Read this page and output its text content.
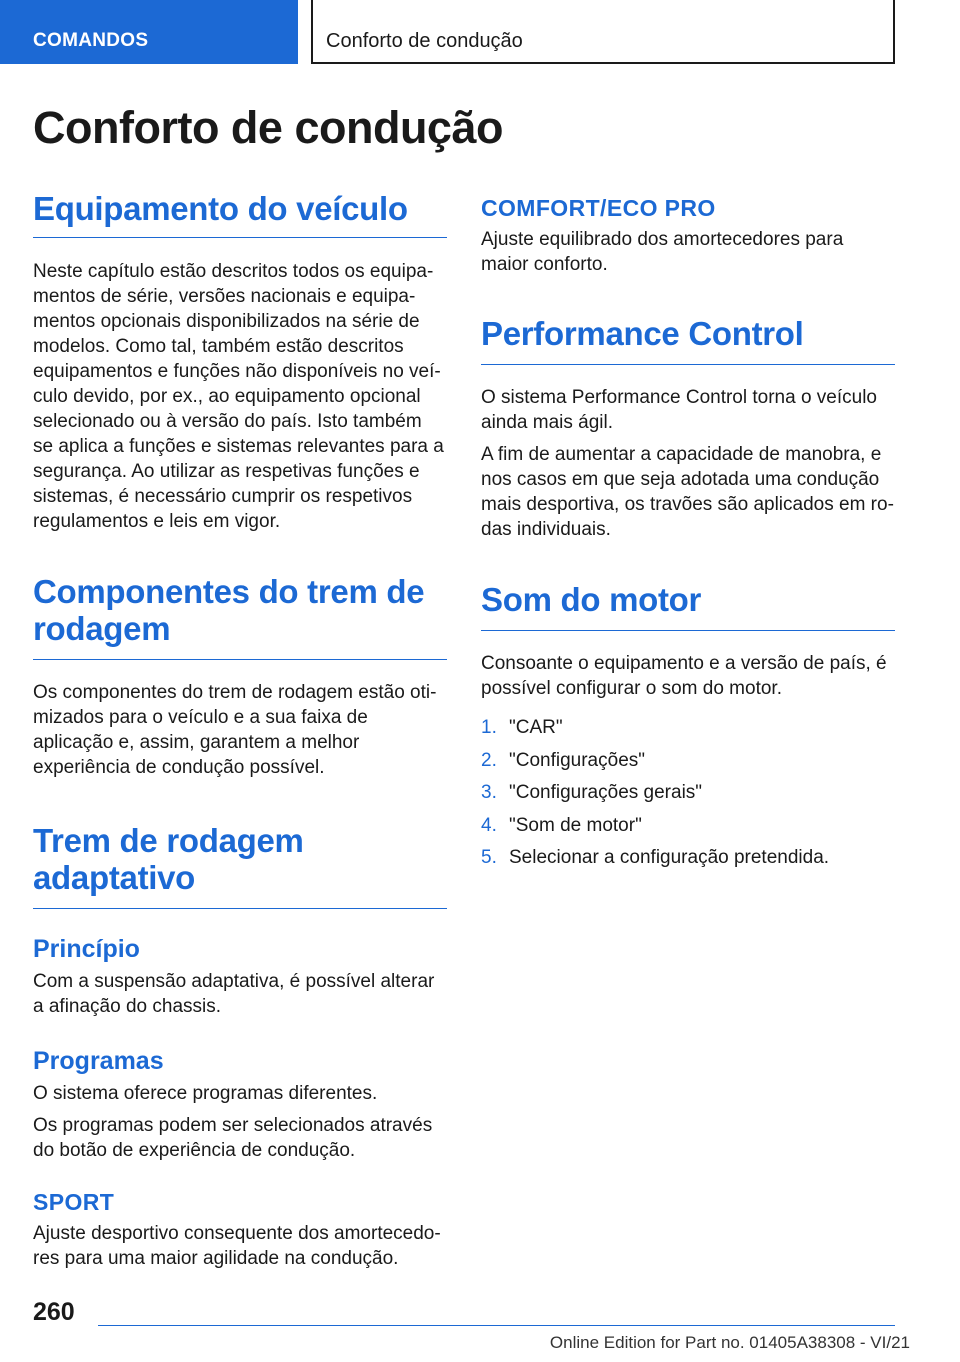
COMANDOS	Conforto de condução
Conforto de condução
Equipamento do veículo

Neste capítulo estão descritos todos os equipamentos de série, versões nacionais e equipamentos opcionais disponibilizados na série de modelos. Como tal, também estão descritos equipamentos e funções não disponíveis no veículo devido, por ex., ao equipamento opcional selecionado ou à versão do país. Isto também se aplica a funções e sistemas relevantes para a segurança. Ao utilizar as respetivas funções e sistemas, é necessário cumprir os respetivos regulamentos e leis em vigor.

Componentes do trem de rodagem

Os componentes do trem de rodagem estão otimizados para o veículo e a sua faixa de aplicação e, assim, garantem a melhor experiência de condução possível.

Trem de rodagem adaptativo
Princípio

Com a suspensão adaptativa, é possível alterar a afinação do chassis.

Programas

O sistema oferece programas diferentes.

Os programas podem ser selecionados através do botão de experiência de condução.

SPORT

Ajuste desportivo consequente dos amortecedores para uma maior agilidade na condução.

COMFORT/ECO PRO

Ajuste equilibrado dos amortecedores para maior conforto.

Performance Control

O sistema Performance Control torna o veículo ainda mais ágil.

A fim de aumentar a capacidade de manobra, e nos casos em que seja adotada uma condução mais desportiva, os travões são aplicados em rodas individuais.

Som do motor

Consoante o equipamento e a versão de país, é possível configurar o som do motor.

1. "CAR"
2. "Configurações"
3. "Configurações gerais"
4. "Som de motor"
5. Selecionar a configuração pretendida.
260
Online Edition for Part no. 01405A38308 - VI/21
